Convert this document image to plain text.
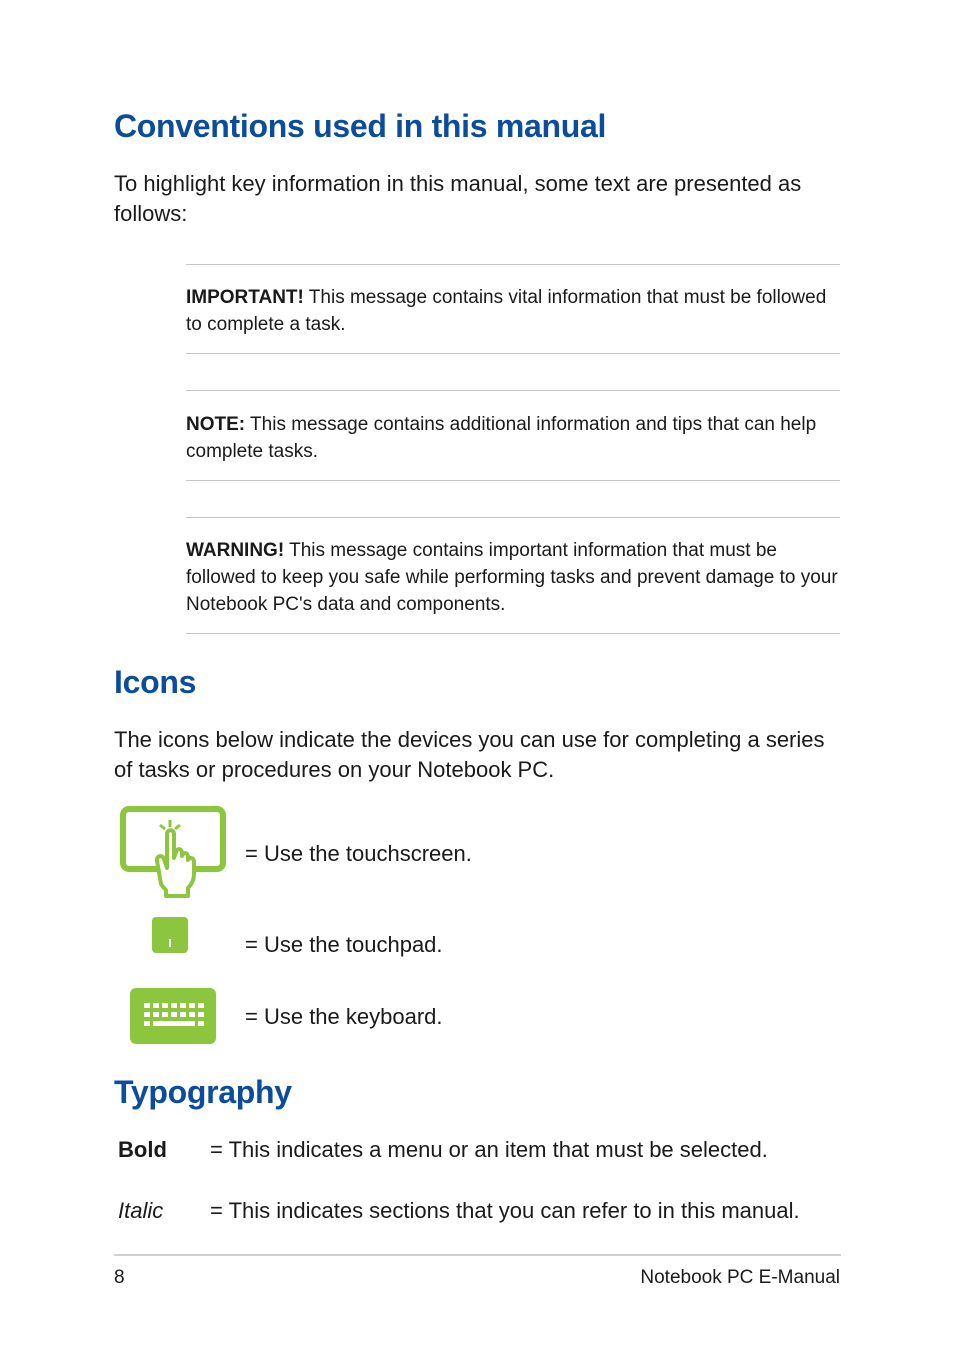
Conventions used in this manual
To highlight key information in this manual, some text are presented as follows:
IMPORTANT! This message contains vital information that must be followed to complete a task.
NOTE: This message contains additional information and tips that can help complete tasks.
WARNING! This message contains important information that must be followed to keep you safe while performing tasks and prevent damage to your Notebook PC's data and components.
Icons
The icons below indicate the devices you can use for completing a series of tasks or procedures on your Notebook PC.
= Use the touchscreen.
= Use the touchpad.
= Use the keyboard.
Typography
Bold = This indicates a menu or an item that must be selected.
Italic = This indicates sections that you can refer to in this manual.
8	Notebook PC E-Manual
